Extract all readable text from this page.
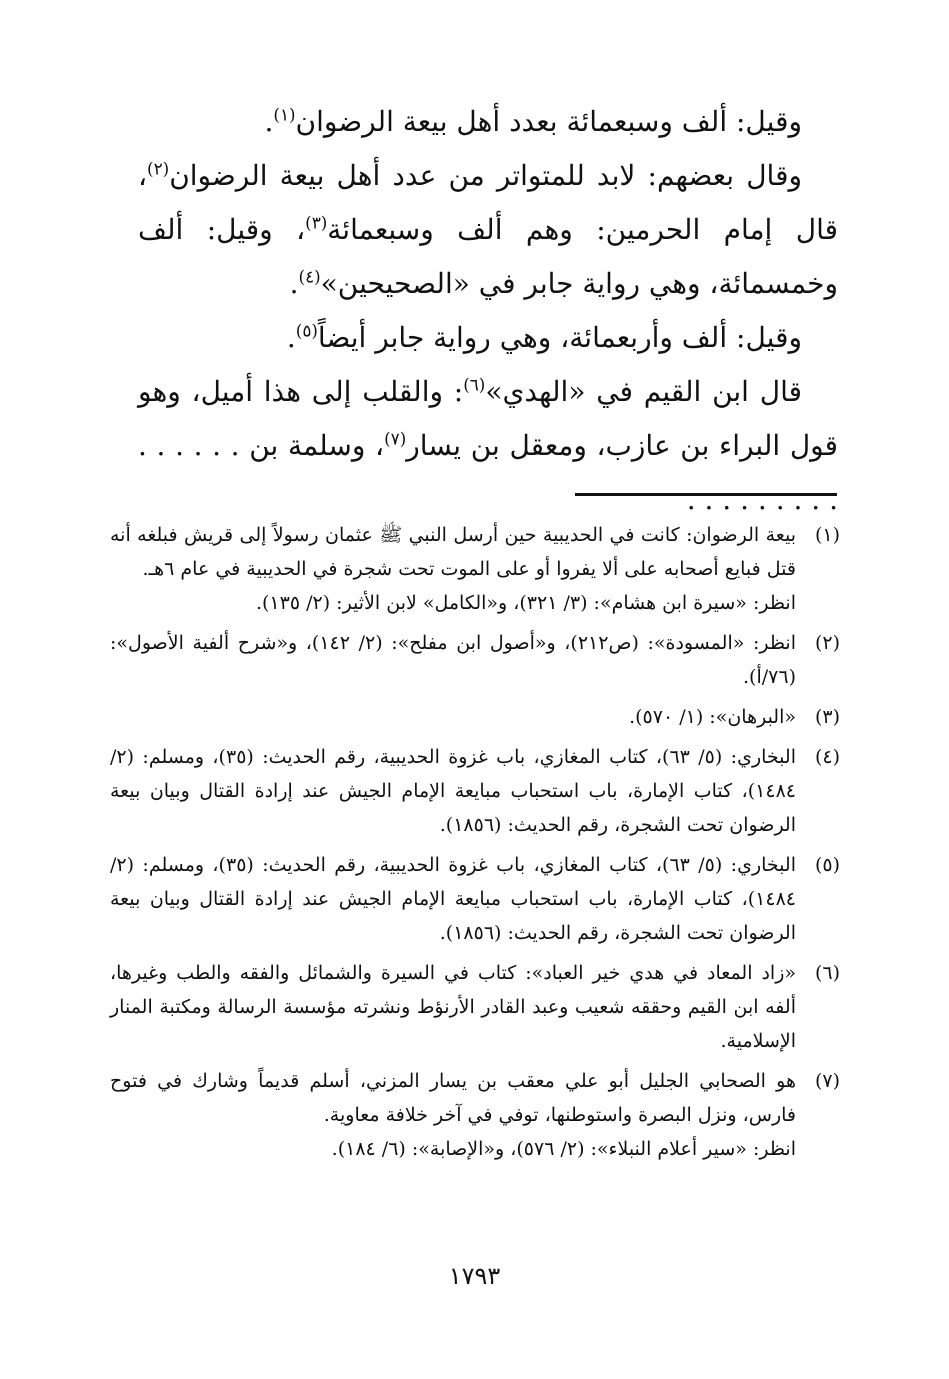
وقيل: ألف وسبعمائة بعدد أهل بيعة الرضوان$^{(١)}$.

وقال بعضهم: لابد للمتواتر من عدد أهل بيعة الرضوان$^{(٢)}$، قال إمام الحرمين: وهم ألف وسبعمائة$^{(٣)}$، وقيل: ألف وخمسمائة، وهي رواية جابر في «الصحيحين»$^{(٤)}$.

وقيل: ألف وأربعمائة، وهي رواية جابر أيضاً$^{(٥)}$.

قال ابن القيم في «الهدي»$^{(٦)}$: والقلب إلى هذا أميل، وهو قول البراء بن عازب، ومعقل بن يسار$^{(٧)}$، وسلمة بن . . . . . . . . . . . . . . .

(١)
بيعة الرضوان: كانت في الحديبية حين أرسل النبي ﷺ عثمان رسولاً إلى قريش فبلغه أنه قتل فبايع أصحابه على ألا يفروا أو على الموت تحت شجرة في الحديبية في عام ٦هـ.
انظر: «سيرة ابن هشام»: (٣/ ٣٢١)، و«الكامل» لابن الأثير: (٢/ ١٣٥).
(٢)
انظر: «المسودة»: (ص٢١٢)، و«أصول ابن مفلح»: (٢/ ١٤٢)، و«شرح ألفية الأصول»: (٧٦/أ).
(٣)
«البرهان»: (١/ ٥٧٠).
(٤)
البخاري: (٥/ ٦٣)، كتاب المغازي، باب غزوة الحديبية، رقم الحديث: (٣٥)، ومسلم: (٢/ ١٤٨٤)، كتاب الإمارة، باب استحباب مبايعة الإمام الجيش عند إرادة القتال وبيان بيعة الرضوان تحت الشجرة، رقم الحديث: (١٨٥٦).
(٥)
البخاري: (٥/ ٦٣)، كتاب المغازي، باب غزوة الحديبية، رقم الحديث: (٣٥)، ومسلم: (٢/ ١٤٨٤)، كتاب الإمارة، باب استحباب مبايعة الإمام الجيش عند إرادة القتال وبيان بيعة الرضوان تحت الشجرة، رقم الحديث: (١٨٥٦).
(٦)
«زاد المعاد في هدي خير العباد»: كتاب في السيرة والشمائل والفقه والطب وغيرها، ألفه ابن القيم وحققه شعيب وعبد القادر الأرنؤط ونشرته مؤسسة الرسالة ومكتبة المنار الإسلامية.
(٧)
هو الصحابي الجليل أبو علي معقب بن يسار المزني، أسلم قديماً وشارك في فتوح فارس، ونزل البصرة واستوطنها، توفي في آخر خلافة معاوية.
انظر: «سير أعلام النبلاء»: (٢/ ٥٧٦)، و«الإصابة»: (٦/ ١٨٤).
١٧٩٣
